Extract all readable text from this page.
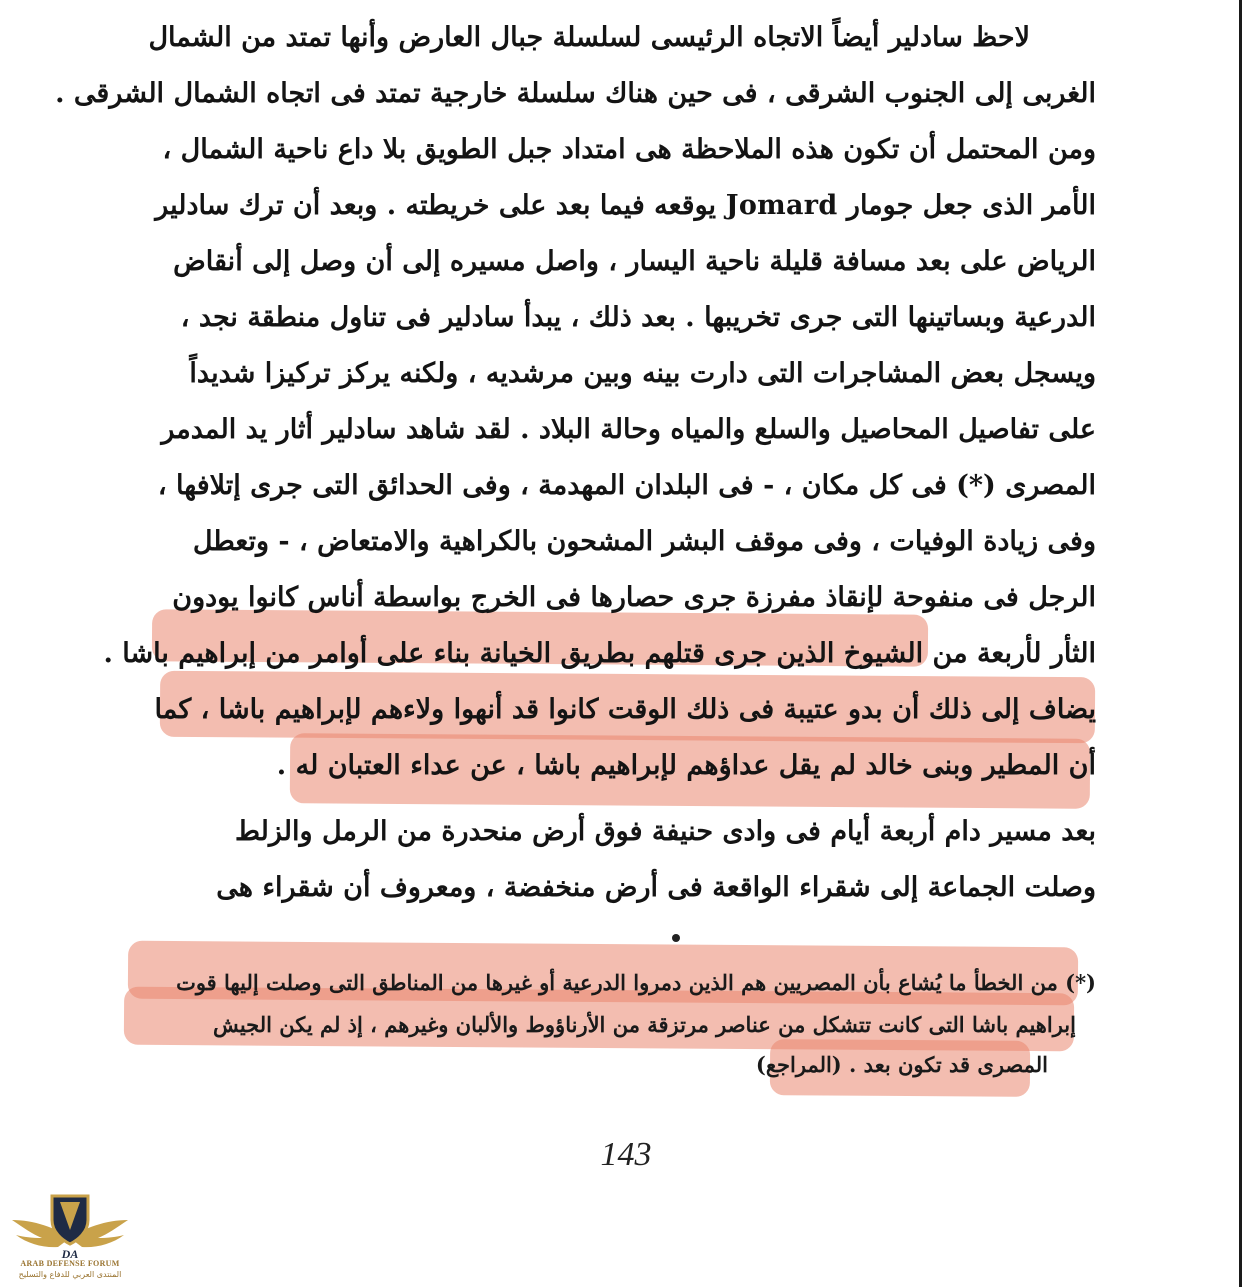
لاحظ سادلير أيضاً الاتجاه الرئيسى لسلسلة جبال العارض وأنها تمتد من الشمال
الغربى إلى الجنوب الشرقى ، فى حين هناك سلسلة خارجية تمتد فى اتجاه الشمال الشرقى .
ومن المحتمل أن تكون هذه الملاحظة هى امتداد جبل الطويق بلا داع ناحية الشمال ،
الأمر الذى جعل جومار Jomard يوقعه فيما بعد على خريطته . وبعد أن ترك سادلير
الرياض على بعد مسافة قليلة ناحية اليسار ، واصل مسيره إلى أن وصل إلى أنقاض
الدرعية وبساتينها التى جرى تخريبها . بعد ذلك ، يبدأ سادلير فى تناول منطقة نجد ،
ويسجل بعض المشاجرات التى دارت بينه وبين مرشديه ، ولكنه يركز تركيزا شديداً
على تفاصيل المحاصيل والسلع والمياه وحالة البلاد . لقد شاهد سادلير أثار يد المدمر
المصرى (*) فى كل مكان ، - فى البلدان المهدمة ، وفى الحدائق التى جرى إتلافها ،
وفى زيادة الوفيات ، وفى موقف البشر المشحون بالكراهية والامتعاض ، - وتعطل
الرجل فى منفوحة لإنقاذ مفرزة جرى حصارها فى الخرج بواسطة أناس كانوا يودون
الثأر لأربعة من الشيوخ الذين جرى قتلهم بطريق الخيانة بناء على أوامر من إبراهيم باشا .
يضاف إلى ذلك أن بدو عتيبة فى ذلك الوقت كانوا قد أنهوا ولاءهم لإبراهيم باشا ، كما
أن المطير وبنى خالد لم يقل عداؤهم لإبراهيم باشا ، عن عداء العتبان له .
بعد مسير دام أربعة أيام فى وادى حنيفة فوق أرض منحدرة من الرمل والزلط
وصلت الجماعة إلى شقراء الواقعة فى أرض منخفضة ، ومعروف أن شقراء هى
(*) من الخطأ ما يُشاع بأن المصريين هم الذين دمروا الدرعية أو غيرها من المناطق التى وصلت إليها قوت
إبراهيم باشا التى كانت تتشكل من عناصر مرتزقة من الأرناؤوط والألبان وغيرهم ، إذ لم يكن الجيش
المصرى قد تكون بعد . (المراجع)
143
DA
ARAB DEFENSE FORUM
المنتدى العربي للدفاع والتسليح
